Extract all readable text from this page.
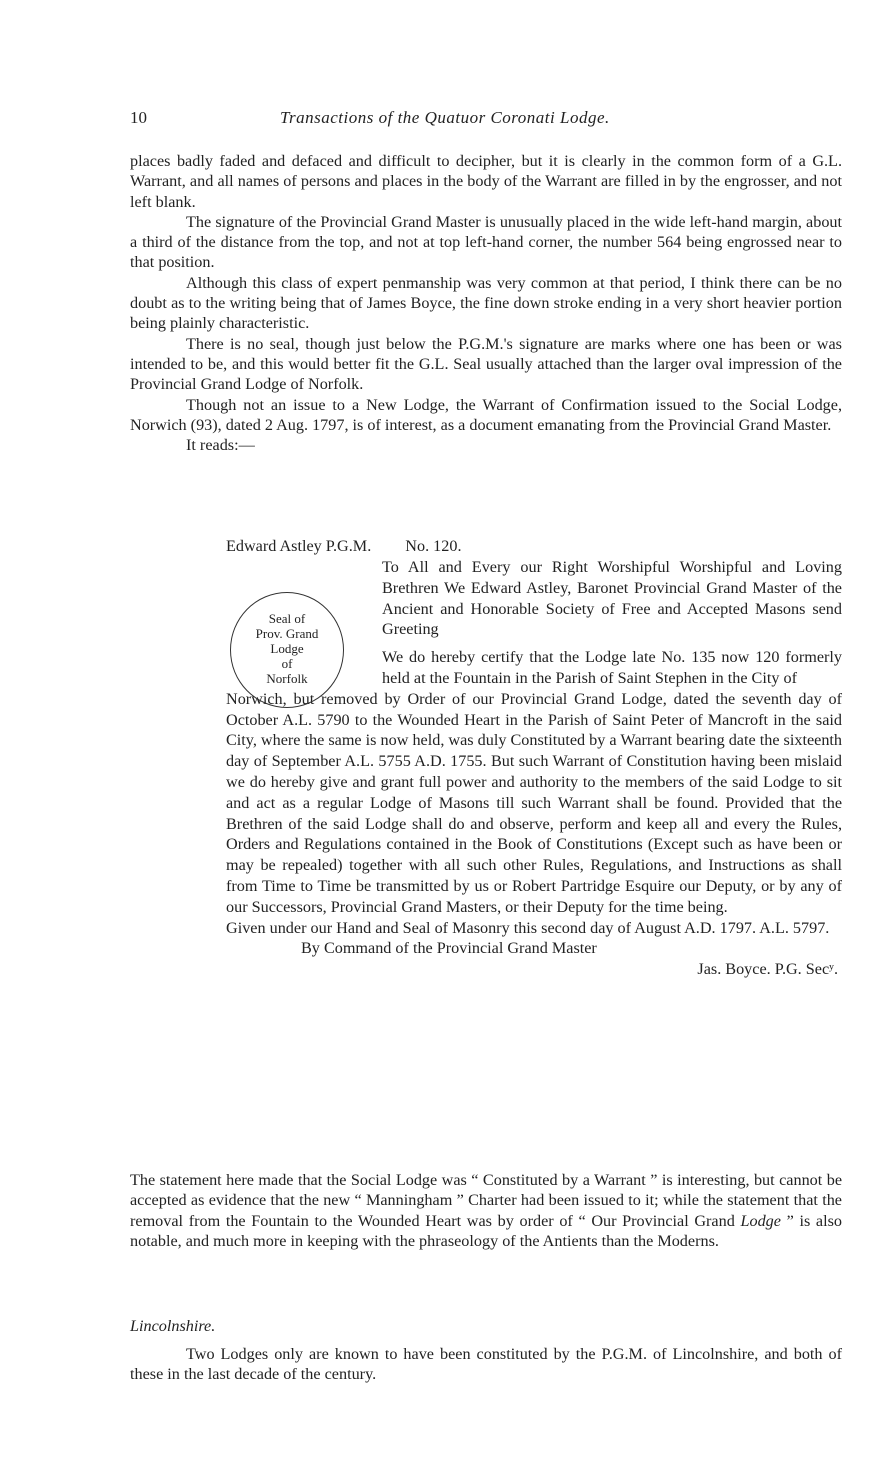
10	Transactions of the Quatuor Coronati Lodge.

places badly faded and defaced and difficult to decipher, but it is clearly in the common form of a G.L. Warrant, and all names of persons and places in the body of the Warrant are filled in by the engrosser, and not left blank.

The signature of the Provincial Grand Master is unusually placed in the wide left-hand margin, about a third of the distance from the top, and not at top left-hand corner, the number 564 being engrossed near to that position.

Although this class of expert penmanship was very common at that period, I think there can be no doubt as to the writing being that of James Boyce, the fine down stroke ending in a very short heavier portion being plainly characteristic.

There is no seal, though just below the P.G.M.'s signature are marks where one has been or was intended to be, and this would better fit the G.L. Seal usually attached than the larger oval impression of the Provincial Grand Lodge of Norfolk.

Though not an issue to a New Lodge, the Warrant of Confirmation issued to the Social Lodge, Norwich (93), dated 2 Aug. 1797, is of interest, as a document emanating from the Provincial Grand Master.

It reads:—

Edward Astley P.G.M. No. 120.
Seal of
Prov. Grand
Lodge
of
Norfolk

To All and Every our Right Worshipful Worshipful and Loving Brethren We Edward Astley, Baronet Provincial Grand Master of the Ancient and Honorable Society of Free and Accepted Masons send Greeting

We do hereby certify that the Lodge late No. 135 now 120 formerly held at the Fountain in the Parish of Saint Stephen in the City of

Norwich, but removed by Order of our Provincial Grand Lodge, dated the seventh day of October A.L. 5790 to the Wounded Heart in the Parish of Saint Peter of Mancroft in the said City, where the same is now held, was duly Constituted by a Warrant bearing date the sixteenth day of September A.L. 5755 A.D. 1755. But such Warrant of Constitution having been mislaid we do hereby give and grant full power and authority to the members of the said Lodge to sit and act as a regular Lodge of Masons till such Warrant shall be found. Provided that the Brethren of the said Lodge shall do and observe, perform and keep all and every the Rules, Orders and Regulations contained in the Book of Constitutions (Except such as have been or may be repealed) together with all such other Rules, Regulations, and Instructions as shall from Time to Time be transmitted by us or Robert Partridge Esquire our Deputy, or by any of our Successors, Provincial Grand Masters, or their Deputy for the time being.

Given under our Hand and Seal of Masonry this second day of August A.D. 1797. A.L. 5797.

By Command of the Provincial Grand Master

Jas. Boyce. P.G. Secʸ.

The statement here made that the Social Lodge was “ Constituted by a Warrant ” is interesting, but cannot be accepted as evidence that the new “ Manningham ” Charter had been issued to it; while the statement that the removal from the Fountain to the Wounded Heart was by order of “ Our Provincial Grand Lodge ” is also notable, and much more in keeping with the phraseology of the Antients than the Moderns.

Lincolnshire.

Two Lodges only are known to have been constituted by the P.G.M. of Lincolnshire, and both of these in the last decade of the century.
